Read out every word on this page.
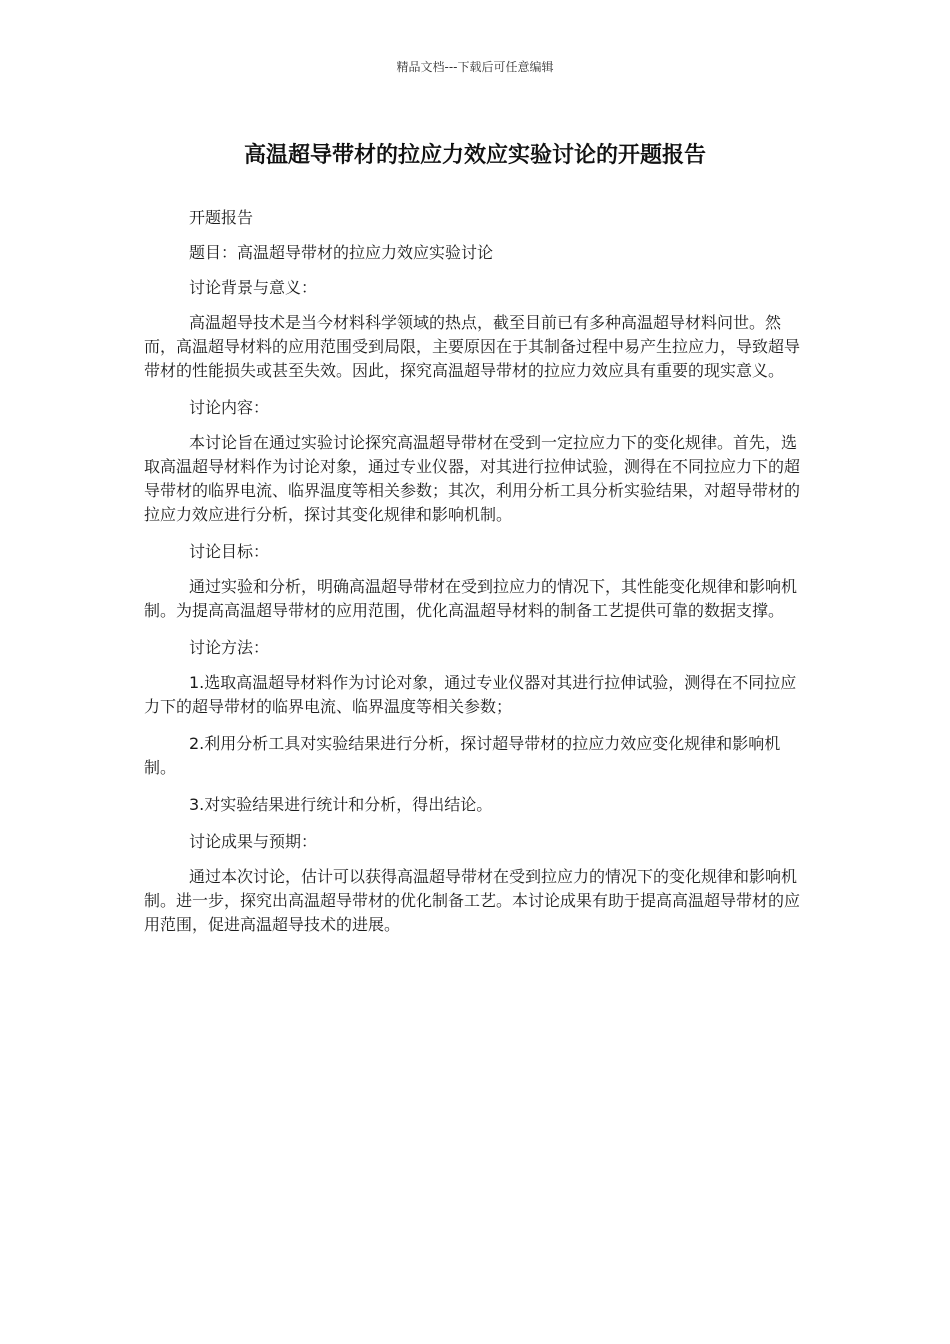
精品文档---下载后可任意编辑
高温超导带材的拉应力效应实验讨论的开题报告

开题报告

题目：高温超导带材的拉应力效应实验讨论

讨论背景与意义：

高温超导技术是当今材料科学领域的热点，截至目前已有多种高温超导材料问世。然而，高温超导材料的应用范围受到局限，主要原因在于其制备过程中易产生拉应力，导致超导带材的性能损失或甚至失效。因此，探究高温超导带材的拉应力效应具有重要的现实意义。

讨论内容：

本讨论旨在通过实验讨论探究高温超导带材在受到一定拉应力下的变化规律。首先，选取高温超导材料作为讨论对象，通过专业仪器，对其进行拉伸试验，测得在不同拉应力下的超导带材的临界电流、临界温度等相关参数；其次，利用分析工具分析实验结果，对超导带材的拉应力效应进行分析，探讨其变化规律和影响机制。

讨论目标：

通过实验和分析，明确高温超导带材在受到拉应力的情况下，其性能变化规律和影响机制。为提高高温超导带材的应用范围，优化高温超导材料的制备工艺提供可靠的数据支撑。

讨论方法：

1.选取高温超导材料作为讨论对象，通过专业仪器对其进行拉伸试验，测得在不同拉应力下的超导带材的临界电流、临界温度等相关参数；

2.利用分析工具对实验结果进行分析，探讨超导带材的拉应力效应变化规律和影响机制。

3.对实验结果进行统计和分析，得出结论。

讨论成果与预期：

通过本次讨论，估计可以获得高温超导带材在受到拉应力的情况下的变化规律和影响机制。进一步，探究出高温超导带材的优化制备工艺。本讨论成果有助于提高高温超导带材的应用范围，促进高温超导技术的进展。
